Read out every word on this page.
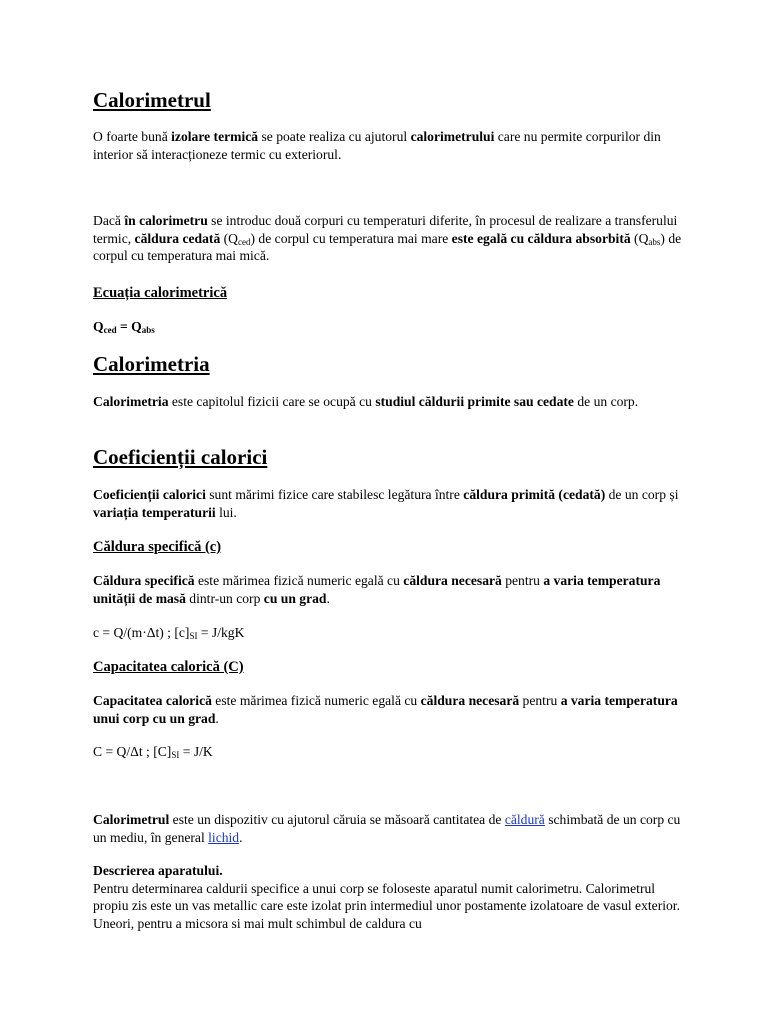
Calorimetrul

O foarte bună izolare termică se poate realiza cu ajutorul calorimetrului care nu permite corpurilor din interior să interacționeze termic cu exteriorul.

Dacă în calorimetru se introduc două corpuri cu temperaturi diferite, în procesul de realizare a transferului termic, căldura cedată $(Q_{ced})$ de corpul cu temperatura mai mare este egală cu căldura absorbită $(Q_{abs})$ de corpul cu temperatura mai mică.

Ecuația calorimetrică

$Q_{ced} = Q_{abs}$

Calorimetria

Calorimetria este capitolul fizicii care se ocupă cu studiul căldurii primite sau cedate de un corp.

Coeficienții calorici

Coeficienții calorici sunt mărimi fizice care stabilesc legătura între căldura primită (cedată) de un corp și variația temperaturii lui.

Căldura specifică (c)

Căldura specifică este mărimea fizică numeric egală cu căldura necesară pentru a varia temperatura unității de masă dintr-un corp cu un grad.

c = Q/(m·Δt) ; $[c]_{SI} = J/kgK$

Capacitatea calorică (C)

Capacitatea calorică este mărimea fizică numeric egală cu căldura necesară pentru a varia temperatura unui corp cu un grad.

C = Q/Δt ; $[C]_{SI} = J/K$

Calorimetrul este un dispozitiv cu ajutorul căruia se măsoară cantitatea de căldură schimbată de un corp cu un mediu, în general lichid.

Descrierea aparatului.
Pentru determinarea caldurii specifice a unui corp se foloseste aparatul numit calorimetru. Calorimetrul propiu zis este un vas metallic care este izolat prin intermediul unor postamente izolatoare de vasul exterior. Uneori, pentru a micsora si mai mult schimbul de caldura cu
